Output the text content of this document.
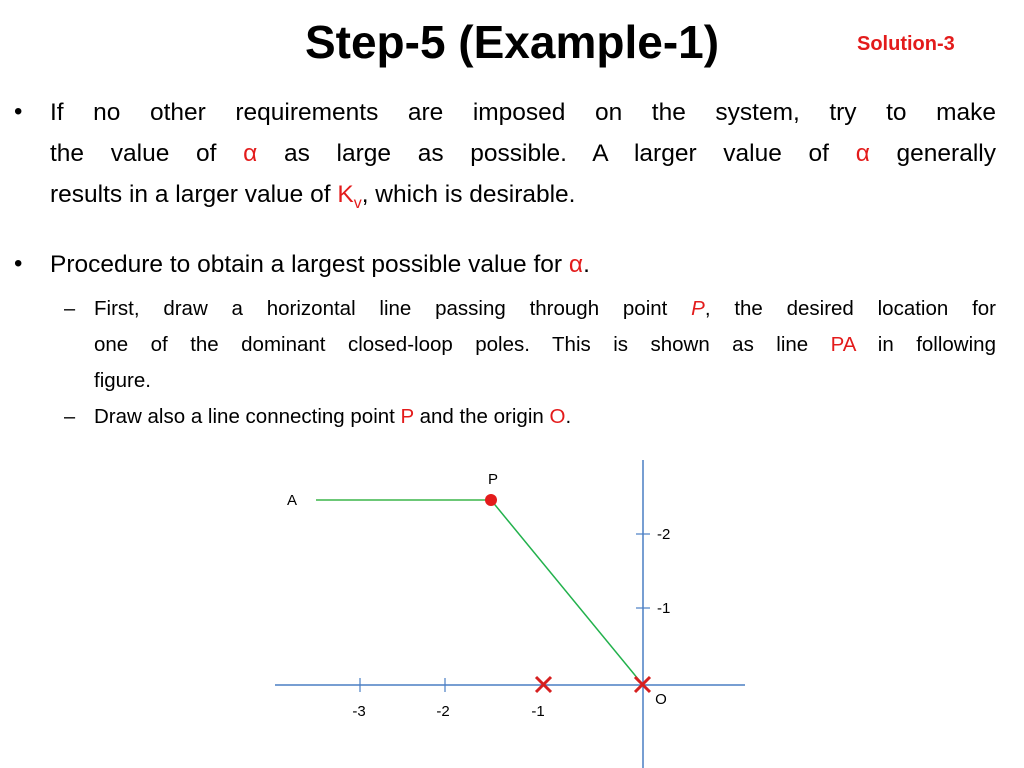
Step-5 (Example-1)	Solution-3
•	If no other requirements are imposed on the system, try to make
the value of α as large as possible. A larger value of α generally
results in a larger value of $K_v$, which is desirable.
•	Procedure to obtain a largest possible value for α.
– First, draw a horizontal line passing through point P, the desired location for
one of the dominant closed-loop poles. This is shown as line PA in following
figure.
– Draw also a line connecting point P and the origin O.
P
A
O
-2
-1
-3	-2	-1
